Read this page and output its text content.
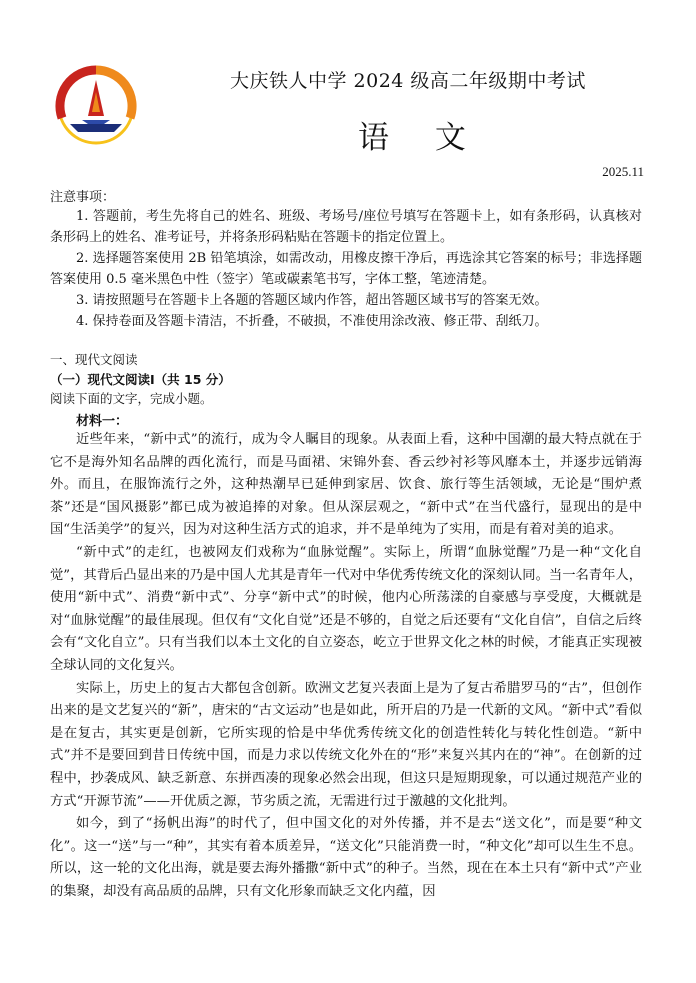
大庆铁人中学 2024 级高二年级期中考试
语 文
2025.11
注意事项：

1. 答题前，考生先将自己的姓名、班级、考场号/座位号填写在答题卡上，如有条形码，认真核对条形码上的姓名、准考证号，并将条形码粘贴在答题卡的指定位置上。

2. 选择题答案使用 2B 铅笔填涂，如需改动，用橡皮擦干净后，再选涂其它答案的标号；非选择题答案使用 0.5 毫米黑色中性（签字）笔或碳素笔书写，字体工整，笔迹清楚。

3. 请按照题号在答题卡上各题的答题区域内作答，超出答题区域书写的答案无效。

4. 保持卷面及答题卡清洁，不折叠，不破损，不准使用涂改液、修正带、刮纸刀。

一、现代文阅读
（一）现代文阅读Ⅰ（共 15 分）
阅读下面的文字，完成小题。
材料一：

近些年来，“新中式”的流行，成为令人瞩目的现象。从表面上看，这种中国潮的最大特点就在于它不是海外知名品牌的西化流行，而是马面裙、宋锦外套、香云纱衬衫等风靡本土，并逐步远销海外。而且，在服饰流行之外，这种热潮早已延伸到家居、饮食、旅行等生活领域，无论是“围炉煮茶”还是“国风摄影”都已成为被追捧的对象。但从深层观之，“新中式”在当代盛行，显现出的是中国“生活美学”的复兴，因为对这种生活方式的追求，并不是单纯为了实用，而是有着对美的追求。

“新中式”的走红，也被网友们戏称为“血脉觉醒”。实际上，所谓“血脉觉醒”乃是一种“文化自觉”，其背后凸显出来的乃是中国人尤其是青年一代对中华优秀传统文化的深刻认同。当一名青年人，使用“新中式”、消费“新中式”、分享“新中式”的时候，他内心所荡漾的自豪感与享受度，大概就是对“血脉觉醒”的最佳展现。但仅有“文化自觉”还是不够的，自觉之后还要有“文化自信”，自信之后终会有“文化自立”。只有当我们以本土文化的自立姿态，屹立于世界文化之林的时候，才能真正实现被全球认同的文化复兴。

实际上，历史上的复古大都包含创新。欧洲文艺复兴表面上是为了复古希腊罗马的“古”，但创作出来的是文艺复兴的“新”，唐宋的“古文运动”也是如此，所开启的乃是一代新的文风。“新中式”看似是在复古，其实更是创新，它所实现的恰是中华优秀传统文化的创造性转化与转化性创造。“新中式”并不是要回到昔日传统中国，而是力求以传统文化外在的“形”来复兴其内在的“神”。在创新的过程中，抄袭成风、缺乏新意、东拼西凑的现象必然会出现，但这只是短期现象，可以通过规范产业的方式“开源节流”——开优质之源，节劣质之流，无需进行过于激越的文化批判。

如今，到了“扬帆出海”的时代了，但中国文化的对外传播，并不是去“送文化”，而是要“种文化”。这一“送”与一“种”，其实有着本质差异，“送文化”只能消费一时，“种文化”却可以生生不息。所以，这一轮的文化出海，就是要去海外播撒“新中式”的种子。当然，现在在本土只有“新中式”产业的集聚，却没有高品质的品牌，只有文化形象而缺乏文化内蕴，因
